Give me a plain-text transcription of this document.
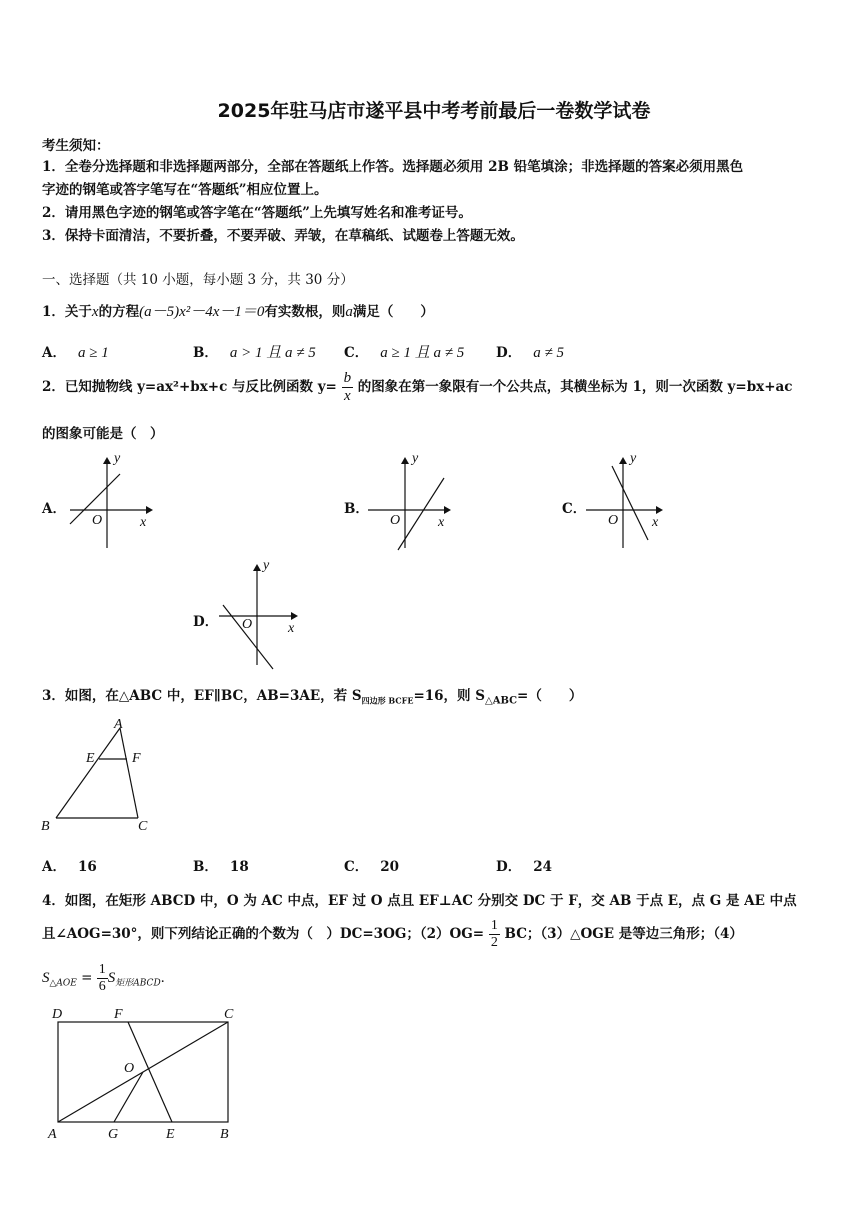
2025年驻马店市遂平县中考考前最后一卷数学试卷
考生须知：
1．全卷分选择题和非选择题两部分，全部在答题纸上作答。选择题必须用 2B 铅笔填涂；非选择题的答案必须用黑色
字迹的钢笔或答字笔写在“答题纸”相应位置上。
2．请用黑色字迹的钢笔或答字笔在“答题纸”上先填写姓名和准考证号。
3．保持卡面清洁，不要折叠，不要弄破、弄皱，在草稿纸、试题卷上答题无效。
一、选择题（共 10 小题，每小题 3 分，共 30 分）
1．关于x的方程(a－5)x²－4x－1＝0有实数根，则a满足（　　）
A． a ≥ 1	B． a > 1 且 a ≠ 5 C． a ≥ 1 且 a ≠ 5 D． a ≠ 5
2．已知抛物线 y=ax²+bx+c 与反比例函数 $y= \frac{b}{x}$ 的图象在第一象限有一个公共点，其横坐标为 1，则一次函数 y=bx+ac
的图象可能是（　）
A．
y
x
O
B．
y
x
O
C．
y
x
O
D．
y
x
O
3．如图，在△ABC 中，EF∥BC，AB=3AE，若 $S_{四边形 BCFE}=16$，则 $S_{\triangle ABC}=$（　　）
A
E	F
B	C
A． 16	B． 18	C． 20	D． 24
4．如图，在矩形 ABCD 中，O 为 AC 中点，EF 过 O 点且 EF⊥AC 分别交 DC 于 F，交 AB 于点 E，点 G 是 AE 中点
且∠AOG=30°，则下列结论正确的个数为（　）DC=3OG；$(2)OG= \frac{1}{2}$ BC；（3）△OGE 是等边三角形；（4）
$S_{\triangle AOE} = \frac{1}{6} S_{矩形ABCD}$．
D	F	C
O
A	G	E	B
